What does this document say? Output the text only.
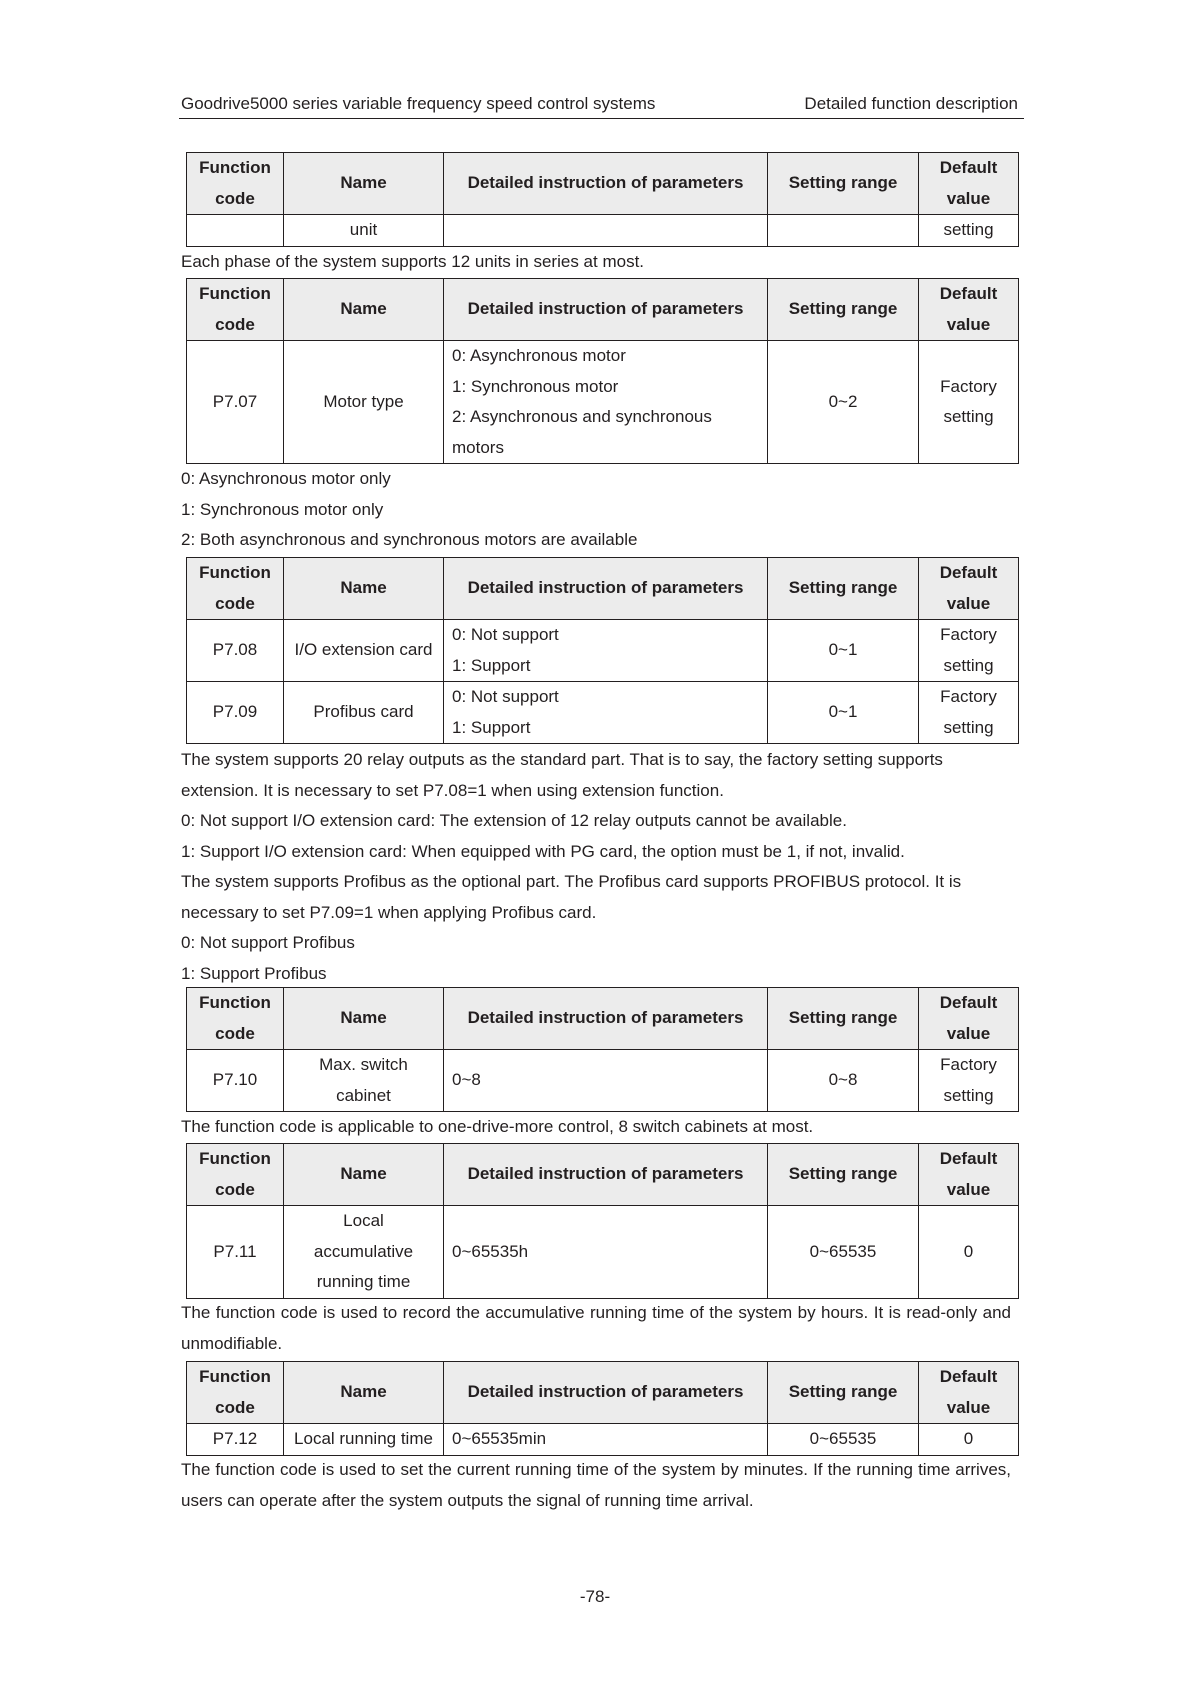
Goodrive5000 series variable frequency speed control systems	Detailed function description
Function
code	Name	Detailed instruction of parameters	Setting range	Default
value
	unit			setting

Each phase of the system supports 12 units in series at most.

Function
code	Name	Detailed instruction of parameters	Setting range	Default
value
P7.07	Motor type	0: Asynchronous motor
1: Synchronous motor
2: Asynchronous and synchronous
motors	0~2	Factory
setting

0: Asynchronous motor only
1: Synchronous motor only
2: Both asynchronous and synchronous motors are available

Function
code	Name	Detailed instruction of parameters	Setting range	Default
value
P7.08	I/O extension card	0: Not support
1: Support	0~1	Factory
setting
P7.09	Profibus card	0: Not support
1: Support	0~1	Factory
setting
The system supports 20 relay outputs as the standard part. That is to say, the factory setting supports extension. It is necessary to set P7.08=1 when using extension function.
0: Not support I/O extension card: The extension of 12 relay outputs cannot be available.
1: Support I/O extension card: When equipped with PG card, the option must be 1, if not, invalid.
The system supports Profibus as the optional part. The Profibus card supports PROFIBUS protocol. It is necessary to set P7.09=1 when applying Profibus card.
0: Not support Profibus
1: Support Profibus
Function
code	Name	Detailed instruction of parameters	Setting range	Default
value
P7.10	Max. switch
cabinet	0~8	0~8	Factory
setting

The function code is applicable to one-drive-more control, 8 switch cabinets at most.

Function
code	Name	Detailed instruction of parameters	Setting range	Default
value
P7.11	Local
accumulative
running time	0~65535h	0~65535	0

The function code is used to record the accumulative running time of the system by hours. It is read-only and unmodifiable.

Function
code	Name	Detailed instruction of parameters	Setting range	Default
value
P7.12	Local running time	0~65535min	0~65535	0

The function code is used to set the current running time of the system by minutes. If the running time arrives, users can operate after the system outputs the signal of running time arrival.

-78-
